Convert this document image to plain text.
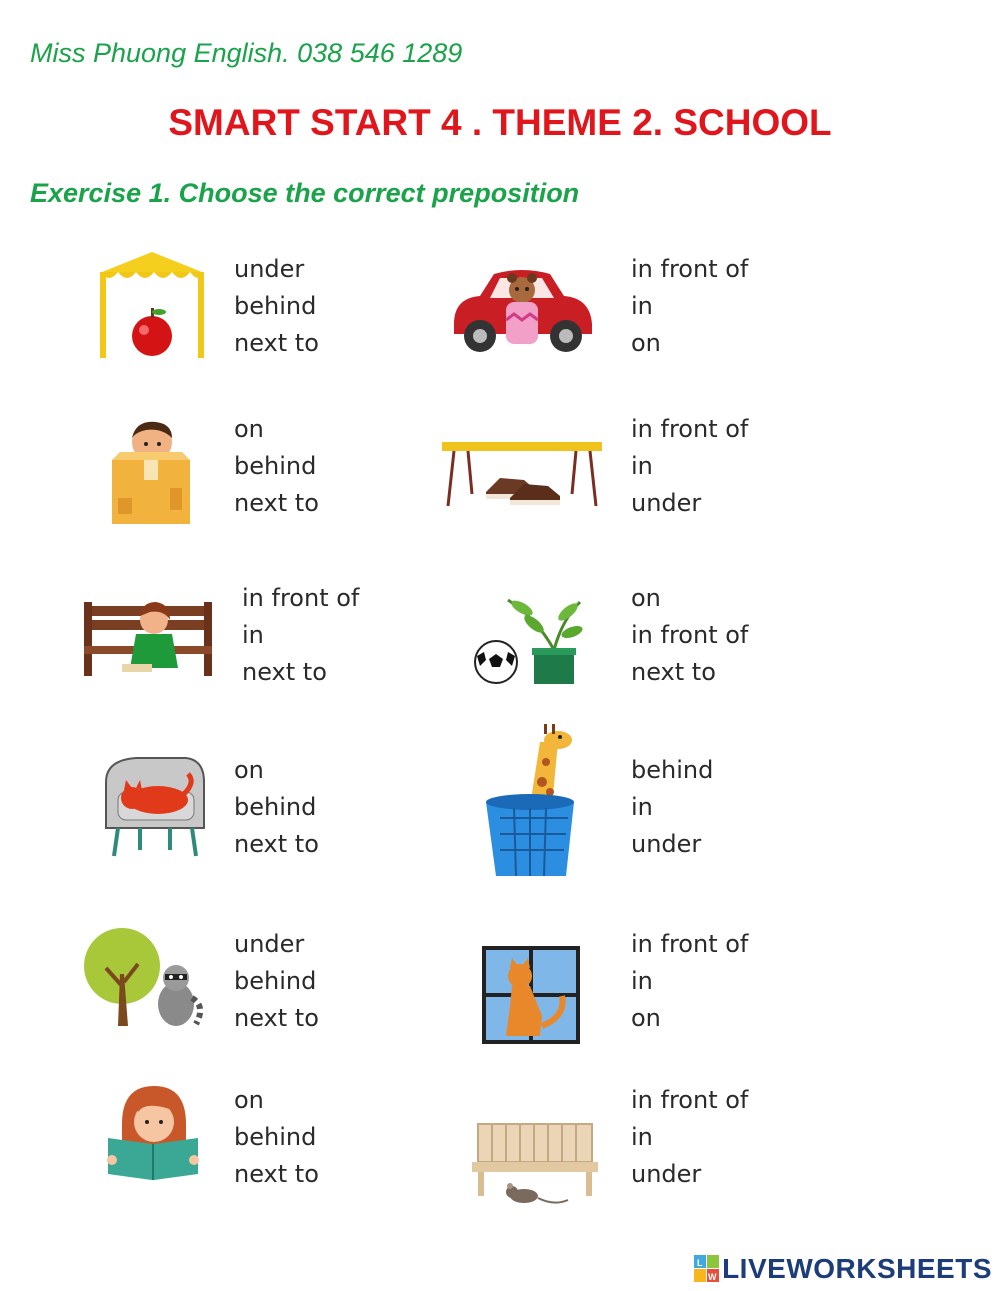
Miss Phuong English. 038 546 1289
SMART START 4 . THEME 2. SCHOOL
Exercise 1. Choose the correct preposition
under
behind
next to
in front of
in
on
on
behind
next to
in front of
in
under
in front of
in
next to
on
in front of
next to
on
behind
next to
behind
in
under
under
behind
next to
in front of
in
on
on
behind
next to
in front of
in
under
L
W LIVEWORKSHEETS
